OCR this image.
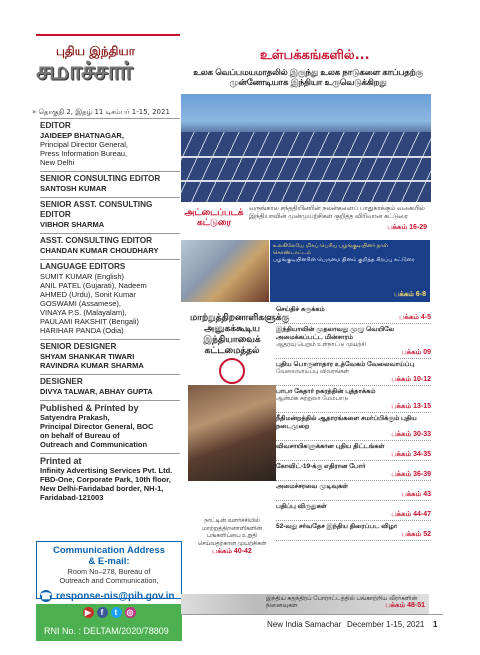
புதிய இந்தியா
சமாச்சார்
» தொகுதி 2, இதழ் 11 டிசம்பர் 1-15, 2021
EDITOR

JAIDEEP BHATNAGAR,

Principal Director General,

Press Information Bureau,

New Delhi

SENIOR CONSULTING EDITOR

SANTOSH KUMAR

SENIOR ASST. CONSULTING EDITOR

VIBHOR SHARMA

ASST. CONSULTING EDITOR

CHANDAN KUMAR CHOUDHARY

LANGUAGE EDITORS

SUMIT KUMAR (English)

ANIL PATEL (Gujarati), Nadeem

AHMED (Urdu), Sonit Kumar

GOSWAMI (Assamese),

VINAYA P.S. (Malayalam),

PAULAMI RAKSHIT (Bengali)

HARIHAR PANDA (Odia)

SENIOR DESIGNER

SHYAM SHANKAR TIWARI

RAVINDRA KUMAR SHARMA

DESIGNER

DIVYA TALWAR, ABHAY GUPTA

Published & Printed by

Satyendra Prakash,

Principal Director General, BOC

on behalf of Bureau of

Outreach and Communication

Printed at

Infinity Advertising Services Pvt. Ltd.

FBD-One, Corporate Park, 10th floor,

New Delhi-Faridabad border, NH-1,

Faridabad-121003

Communication Address
& E-mail:

Room No–278, Bureau of

Outreach and Communication,

RNI No. : DELTAM/2020/78809
☎ response-nis@pib.gov.in
▶	f	t	◎
உள்பக்கங்களில்...
உலக வெப்பமயமாதலில் இருந்து உலக நாடுகளை காப்பதற்கு முன்னோடியாக இந்தியா உருவெடுக்கிறது
அட்டைப்படக் கட்டுரை
வருங்கால சந்ததியினரின் நலன்களைப் பாதுகாக்கும் வகையில் இந்தியாவின் முன்முயற்சிகள் குறித்த விரிவான கட்டுரை
பக்கம் 16-29

உலகிலேயே மிகப் பெரிய பழங்குடியினர் நாள் கொண்டாட்டம்

பழங்குடியினரின் பெருமை தினம் குறித்த சிறப்பு கட்டுரை

பக்கம் 6-8
மாற்றுத்திறனாளிகளுக்கு அனுகக்கூடிய இந்தியாவைக் கட்டமைத்தல்
நாட்டின் வளர்ச்சியில் மாற்றுத்திறனாளிகளின் பங்களிப்பை உறுதி செய்வதற்கான முயற்சிகள்
பக்கம் 40-42
செய்திச் சுருக்கம்
பக்கம் 4-5
இந்தியாவின் முதலாவது முழு வெயிலே அமைக்கப்பட்ட மின்சாரம்
ஆதரவு பெறும் உள்நாட்டு முயற்சி
பக்கம் 09
புதிய பொருளாதார உத்வேகம் வேலைவாய்ப்பு
வேலைவாய்ப்பு விவரங்கள்
பக்கம் 10-12
பாபா கேதார் நகரத்தின் புத்தாக்கம்
ஆன்மிக சுற்றுலா மேம்பாடு
பக்கம் 13-15
நீதிமன்றத்தில் ஆதாரங்களை சமர்ப்பிக்கும் புதிய நடைமுறை
பக்கம் 30-33
விவசாயிகளுக்கான புதிய திட்டங்கள்
பக்கம் 34-35
கோவிட்-19-க்கு எதிரான போர்
பக்கம் 36-39
அமைச்சரவை முடிவுகள்
பக்கம் 43
பதிப்பு விருதுகள்
பக்கம் 44-47
52-வது சர்வதேச இந்திய திரைப்பட விழா
பக்கம் 52

இந்திய சுதந்திரப் போராட்டத்தில் பங்காற்றிய வீரர்களின் நினைவுகள்	பக்கம் 48-51
New India Samachar December 1-15, 2021 1
